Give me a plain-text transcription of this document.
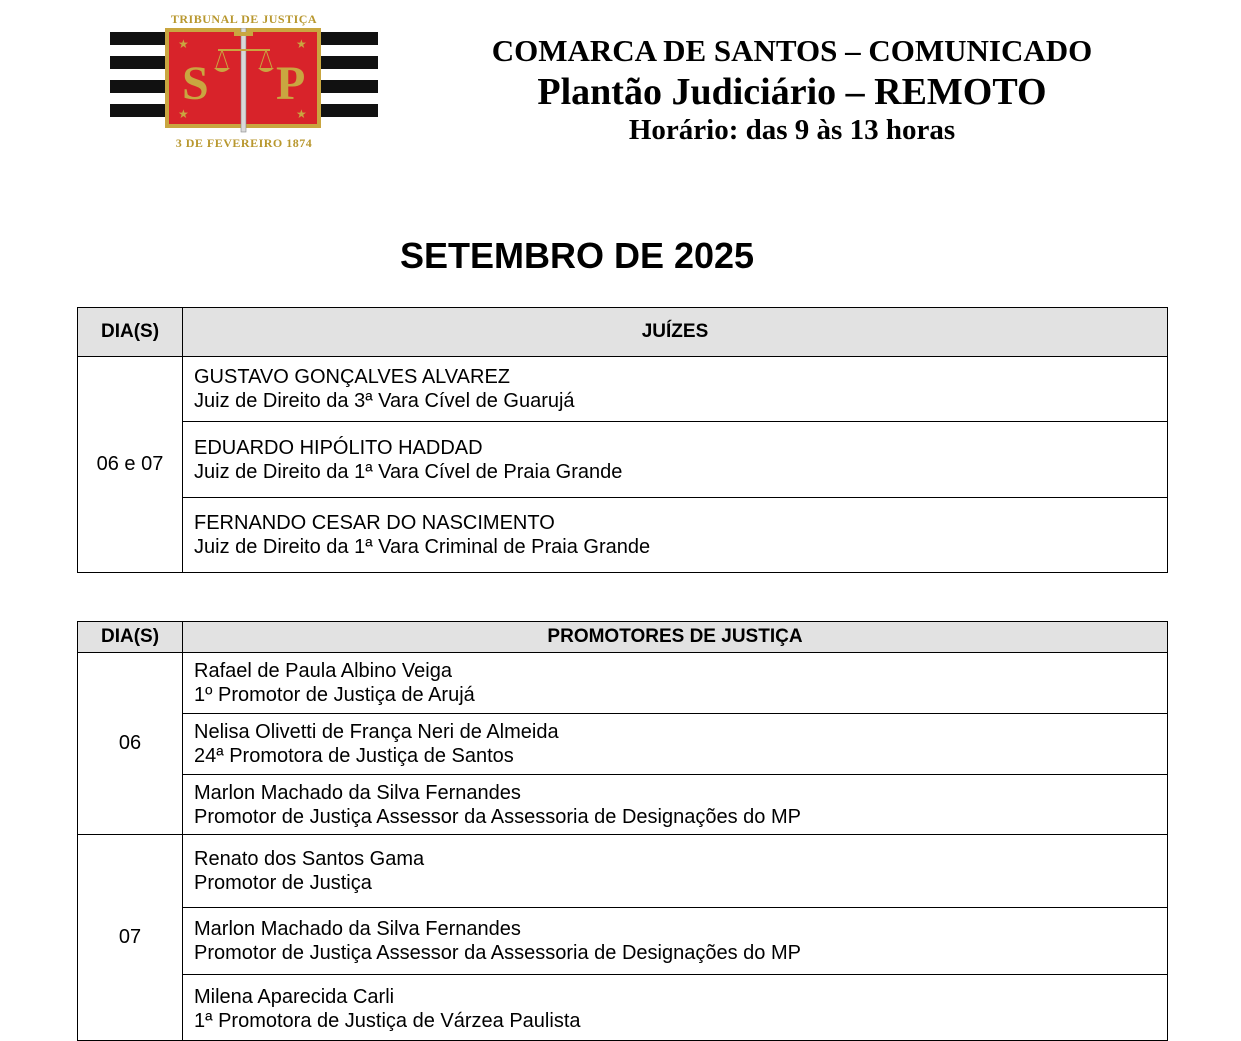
TRIBUNAL DE JUSTIÇA
★	★
★	★
S P
3 DE FEVEREIRO 1874
COMARCA DE SANTOS – COMUNICADO
Plantão Judiciário – REMOTO
Horário: das 9 às 13 horas
SETEMBRO DE 2025
DIA(S)	JUÍZES
06 e 07	GUSTAVO GONÇALVES ALVAREZ
Juiz de Direito da 3ª Vara Cível de Guarujá

	EDUARDO HIPÓLITO HADDAD
Juiz de Direito da 1ª Vara Cível de Praia Grande

	FERNANDO CESAR DO NASCIMENTO
Juiz de Direito da 1ª Vara Criminal de Praia Grande
DIA(S)	PROMOTORES DE JUSTIÇA
06	Rafael de Paula Albino Veiga
1º Promotor de Justiça de Arujá

	Nelisa Olivetti de França Neri de Almeida
24ª Promotora de Justiça de Santos

	Marlon Machado da Silva Fernandes
Promotor de Justiça Assessor da Assessoria de Designações do MP

07	Renato dos Santos Gama
Promotor de Justiça

	Marlon Machado da Silva Fernandes
Promotor de Justiça Assessor da Assessoria de Designações do MP

	Milena Aparecida Carli
1ª Promotora de Justiça de Várzea Paulista
